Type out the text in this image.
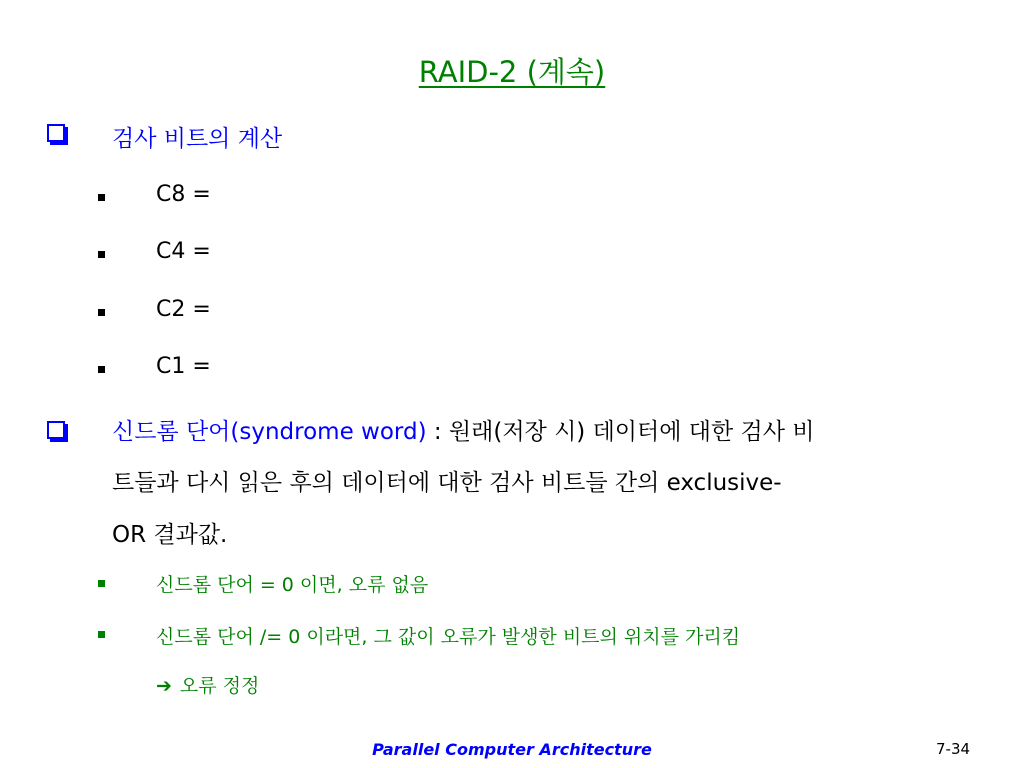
RAID-2 (계속)
검사 비트의 계산
C8 =
C4 =
C2 =
C1 =
신드롬 단어(syndrome word) : 원래(저장 시) 데이터에 대한 검사 비
트들과 다시 읽은 후의 데이터에 대한 검사 비트들 간의 exclusive-
OR 결과값.
신드롬 단어 = 0 이면, 오류 없음
신드롬 단어 /= 0 이라면, 그 값이 오류가 발생한 비트의 위치를 가리킴
➔ 오류 정정
Parallel Computer Architecture	7-34
